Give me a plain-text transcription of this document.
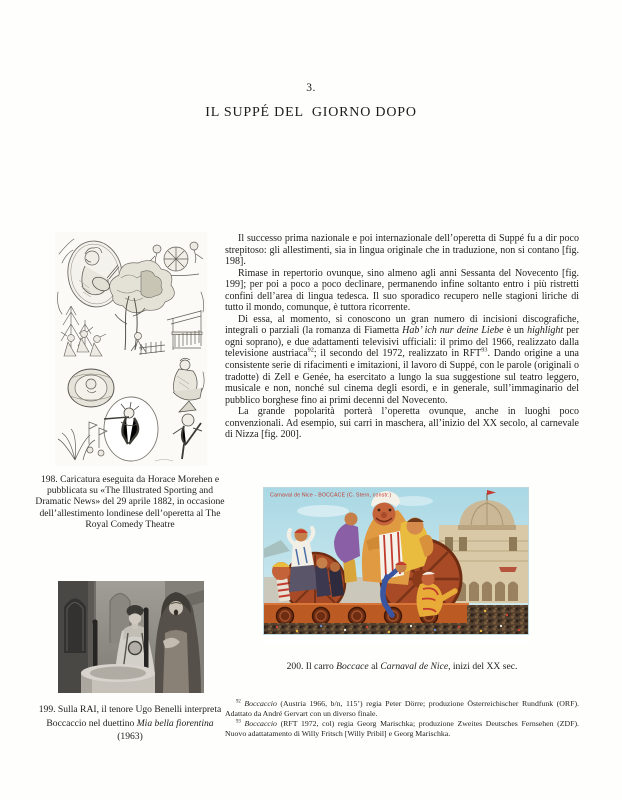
3.
IL SUPPÉ DEL  GIORNO DOPO
198. Caricatura eseguita da Horace Morehen e pubblicata su «The Illustrated Sporting and Dramatic News» del 29 aprile 1882, in occasione dell’allestimento londinese dell’operetta al The Royal Comedy Theatre
199. Sulla RAI, il tenore Ugo Benelli interpreta Boccaccio nel duettino Mia bella fiorentina (1963)

Il successo prima nazionale e poi internazionale dell’operetta di Suppé fu a dir poco strepitoso: gli allestimenti, sia in lingua originale che in traduzione, non si contano [fig. 198].

Rimase in repertorio ovunque, sino almeno agli anni Sessanta del Novecento [fig. 199]; per poi a poco a poco declinare, permanendo infine soltanto entro i più ristretti confini dell’area di lingua tedesca. Il suo sporadico recupero nelle stagioni liriche di tutto il mondo, comunque, è tuttora ricorrente.

Di essa, al momento, si conoscono un gran numero di incisioni discografiche, integrali o parziali (la romanza di Fiametta Hab’ ich nur deine Liebe è un highlight per ogni soprano), e due adattamenti televisivi ufficiali: il primo del 1966, realizzato dalla televisione austriaca$^{92}$; il secondo del 1972, realizzato in RFT$^{93}$. Dando origine a una consistente serie di rifacimenti e imitazioni, il lavoro di Suppé, con le parole (originali o tradotte) di Zell e Genée, ha esercitato a lungo la sua suggestione sul teatro leggero, musicale e non, nonché sul cinema degli esordi, e in generale, sull’immaginario del pubblico borghese fino ai primi decenni del Novecento.

La grande popolarità porterà l’operetta ovunque, anche in luoghi poco convenzionali. Ad esempio, sui carri in maschera, all’inizio del XX secolo, al carnevale di Nizza [fig. 200].

Carnaval de Nice - BOCCACE (C. Stern, constr.)
200. Il carro Boccace al Carnaval de Nice, inizi del XX sec.

$^{92}$ Boccaccio (Austria 1966, b/n, 115’) regia Peter Dörre; produzione Österreichischer Rundfunk (ORF). Adattato da André Gervart con un diverso finale.

$^{93}$ Boccaccio (RFT 1972, col) regia Georg Marischka; produzione Zweites Deutsches Fernsehen (ZDF). Nuovo adattatamento di Willy Fritsch [Willy Pribil] e Georg Marischka.
